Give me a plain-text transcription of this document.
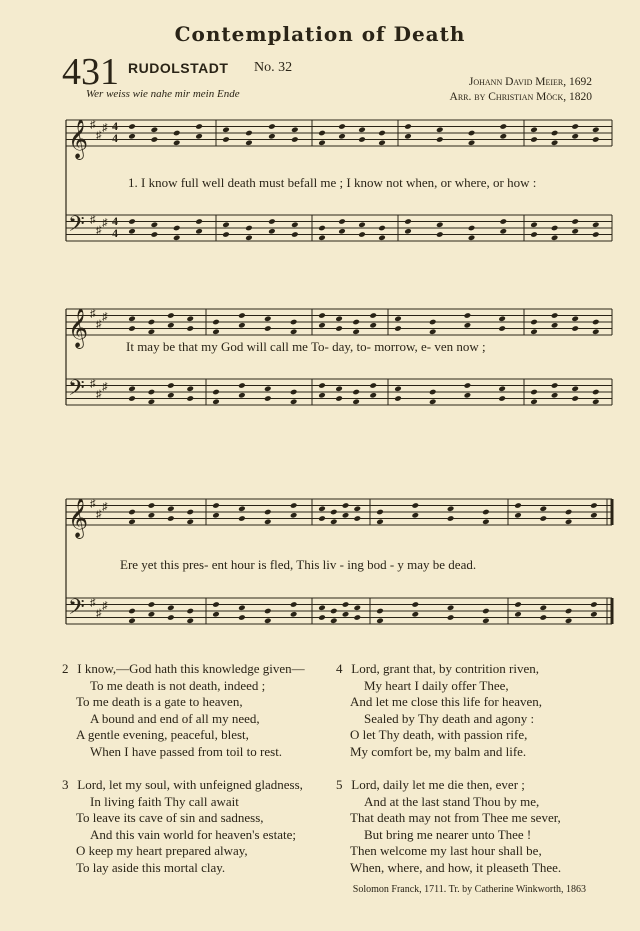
Contemplation of Death
431 RUDOLSTADT No. 32
Wer weiss wie nahe mir mein Ende
Johann David Meier, 1692
Arr. by Christian Möck, 1820
𝄞 ♯
♯
♯
𝄢 ♯
♯
♯
𝄞 ♯
♯
♯
𝄢 ♯
♯
♯
𝄞 ♯
♯
♯
𝄢 ♯
♯
♯
4
4
4
4
1. I know full well death must befall me ; I know not when, or where, or how :
It may be that my God will call me To- day, to- morrow, e- ven now ;
Ere yet this pres- ent hour is fled, This liv - ing bod - y may be dead.
2 I know,—God hath this knowledge given—
To me death is not death, indeed ;
To me death is a gate to heaven,
A bound and end of all my need,
A gentle evening, peaceful, blest,
When I have passed from toil to rest.
3 Lord, let my soul, with unfeigned gladness,
In living faith Thy call await
To leave its cave of sin and sadness,
And this vain world for heaven's estate;
O keep my heart prepared alway,
To lay aside this mortal clay.
4 Lord, grant that, by contrition riven,
My heart I daily offer Thee,
And let me close this life for heaven,
Sealed by Thy death and agony :
O let Thy death, with passion rife,
My comfort be, my balm and life.
5 Lord, daily let me die then, ever ;
And at the last stand Thou by me,
That death may not from Thee me sever,
But bring me nearer unto Thee !
Then welcome my last hour shall be,
When, where, and how, it pleaseth Thee.
Solomon Franck, 1711. Tr. by Catherine Winkworth, 1863
